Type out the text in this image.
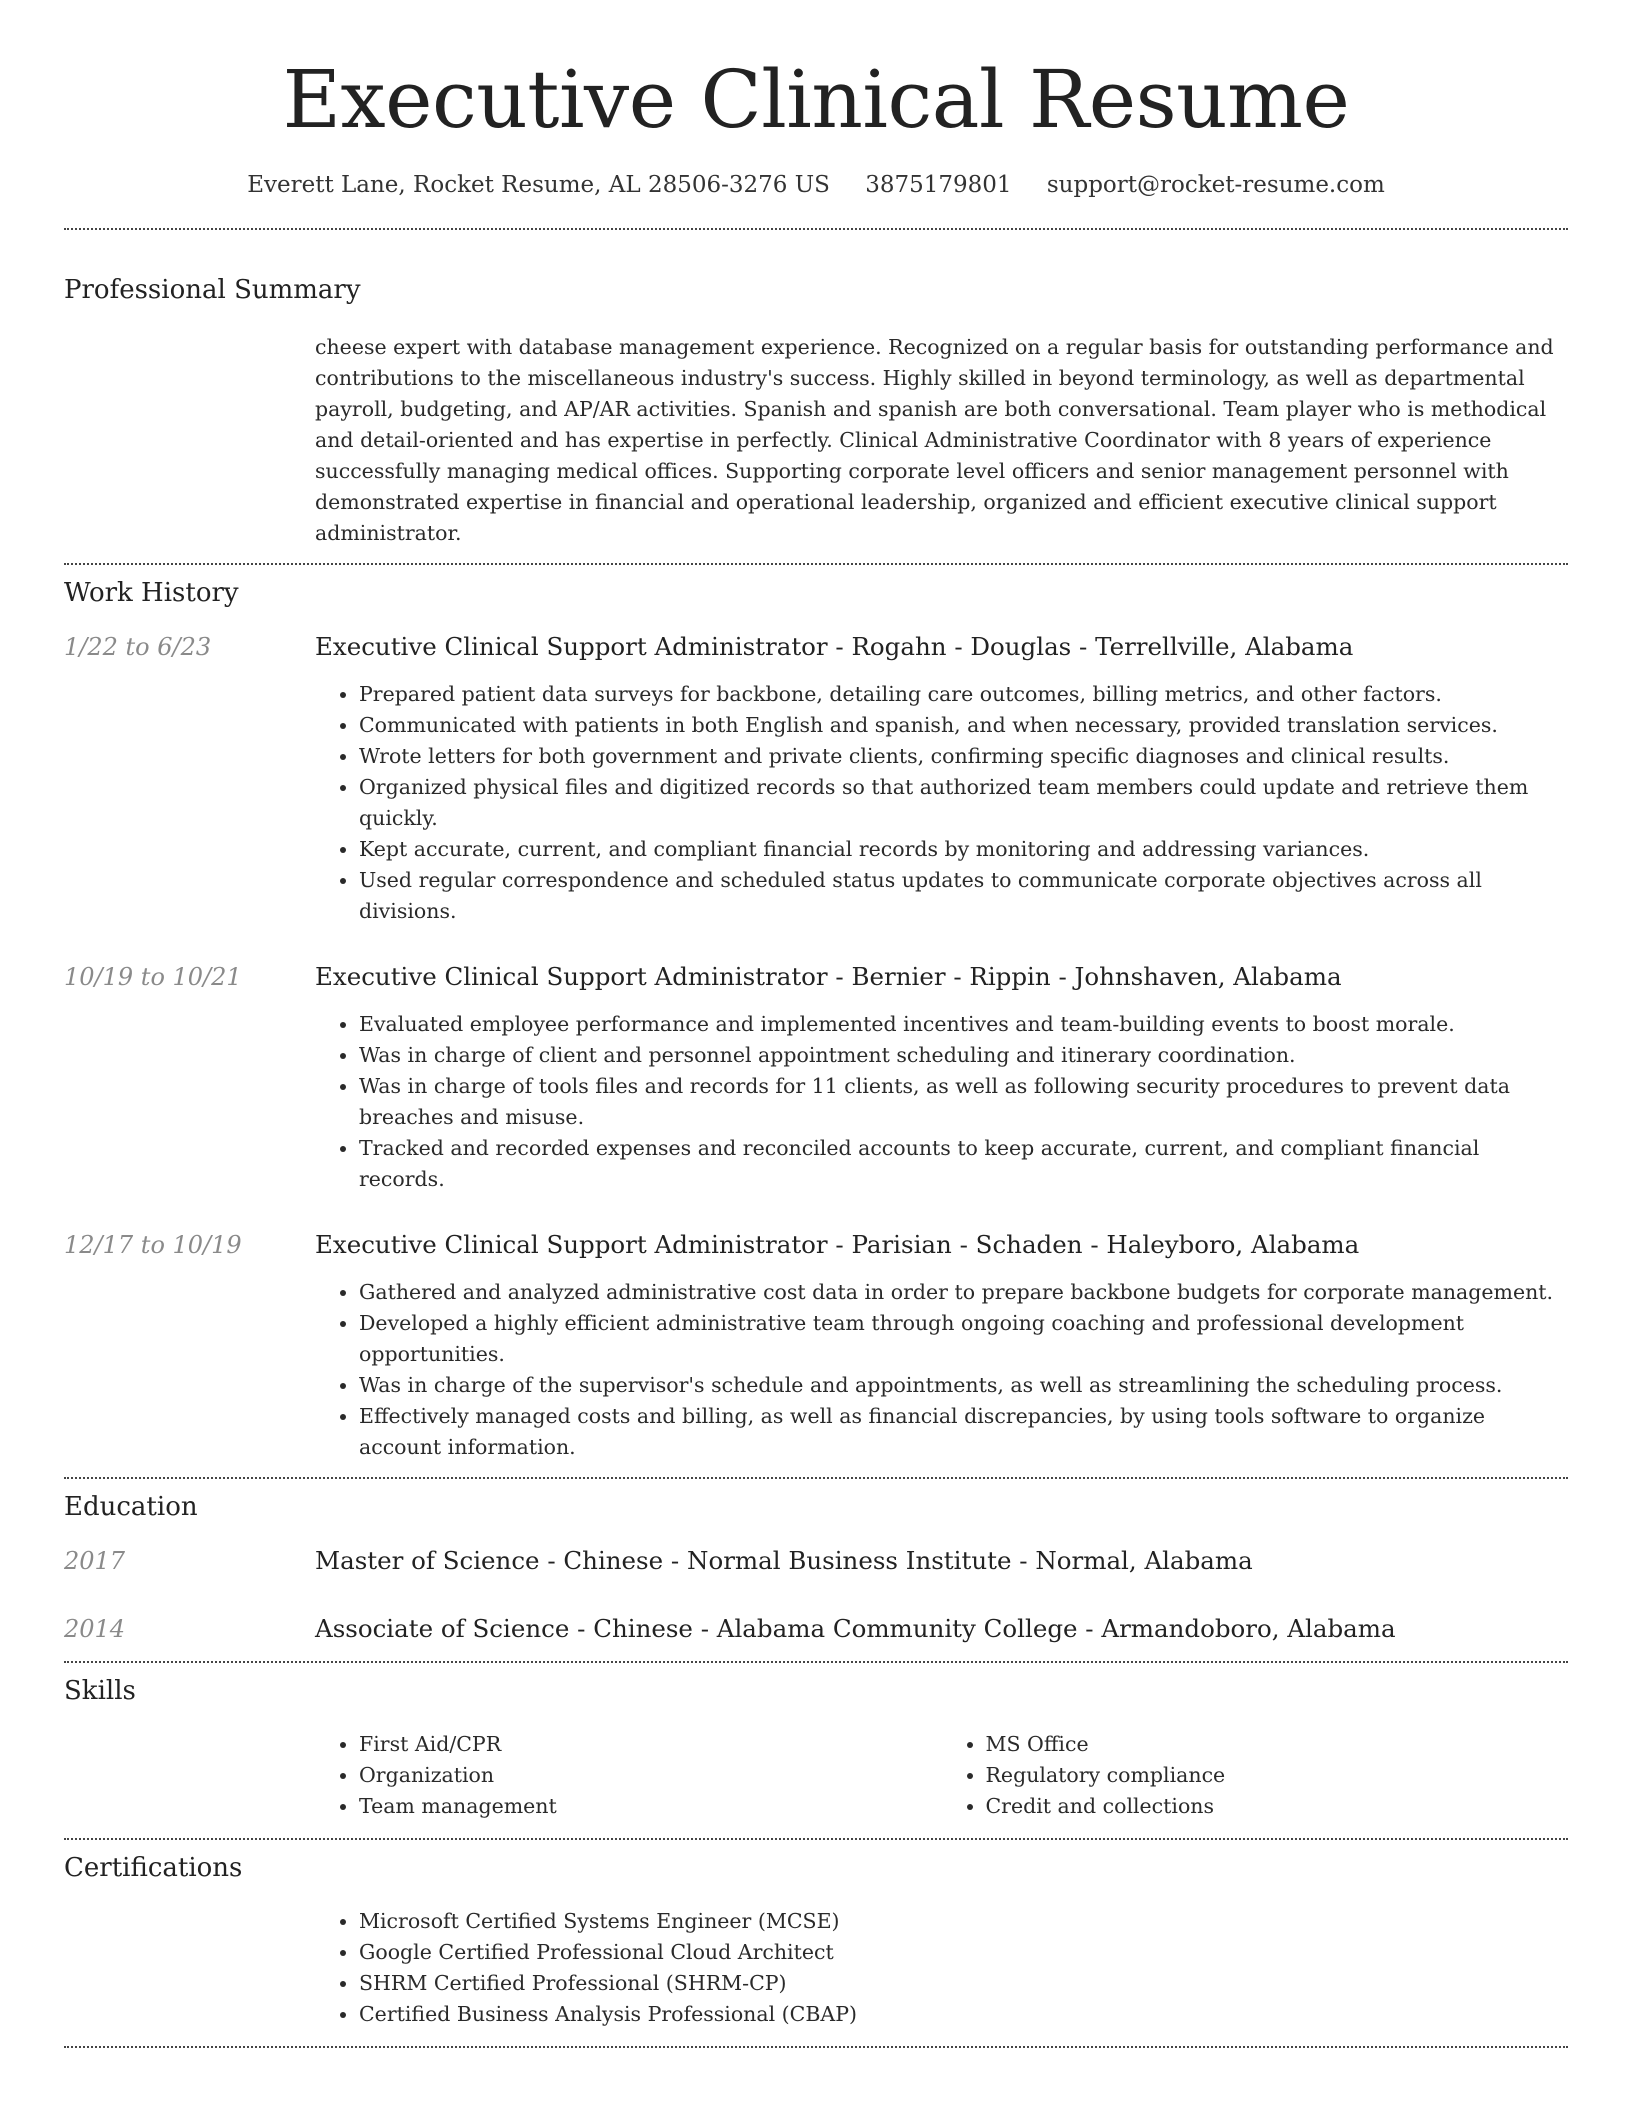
Executive Clinical Resume
Everett Lane, Rocket Resume, AL 28506-3276 US 3875179801 support@rocket-resume.com
Professional Summary

cheese expert with database management experience. Recognized on a regular basis for outstanding performance and contributions to the miscellaneous industry's success. Highly skilled in beyond terminology, as well as departmental payroll, budgeting, and AP/AR activities. Spanish and spanish are both conversational. Team player who is methodical and detail-oriented and has expertise in perfectly. Clinical Administrative Coordinator with 8 years of experience successfully managing medical offices. Supporting corporate level officers and senior management personnel with demonstrated expertise in financial and operational leadership, organized and efficient executive clinical support administrator.

Work History
1/22 to 6/23	Executive Clinical Support Administrator - Rogahn - Douglas - Terrellville, Alabama
• Prepared patient data surveys for backbone, detailing care outcomes, billing metrics, and other factors.
• Communicated with patients in both English and spanish, and when necessary, provided translation services.
• Wrote letters for both government and private clients, confirming specific diagnoses and clinical results.
• Organized physical files and digitized records so that authorized team members could update and retrieve them quickly.
• Kept accurate, current, and compliant financial records by monitoring and addressing variances.
• Used regular correspondence and scheduled status updates to communicate corporate objectives across all divisions.
10/19 to 10/21	Executive Clinical Support Administrator - Bernier - Rippin - Johnshaven, Alabama
• Evaluated employee performance and implemented incentives and team-building events to boost morale.
• Was in charge of client and personnel appointment scheduling and itinerary coordination.
• Was in charge of tools files and records for 11 clients, as well as following security procedures to prevent data breaches and misuse.
• Tracked and recorded expenses and reconciled accounts to keep accurate, current, and compliant financial records.
12/17 to 10/19	Executive Clinical Support Administrator - Parisian - Schaden - Haleyboro, Alabama
• Gathered and analyzed administrative cost data in order to prepare backbone budgets for corporate management.
• Developed a highly efficient administrative team through ongoing coaching and professional development opportunities.
• Was in charge of the supervisor's schedule and appointments, as well as streamlining the scheduling process.
• Effectively managed costs and billing, as well as financial discrepancies, by using tools software to organize account information.
Education
2017	Master of Science - Chinese - Normal Business Institute - Normal, Alabama
2014	Associate of Science - Chinese - Alabama Community College - Armandoboro, Alabama
Skills
• First Aid/CPR
• Organization
• Team management
• MS Office
• Regulatory compliance
• Credit and collections
Certifications
• Microsoft Certified Systems Engineer (MCSE)
• Google Certified Professional Cloud Architect
• SHRM Certified Professional (SHRM-CP)
• Certified Business Analysis Professional (CBAP)
